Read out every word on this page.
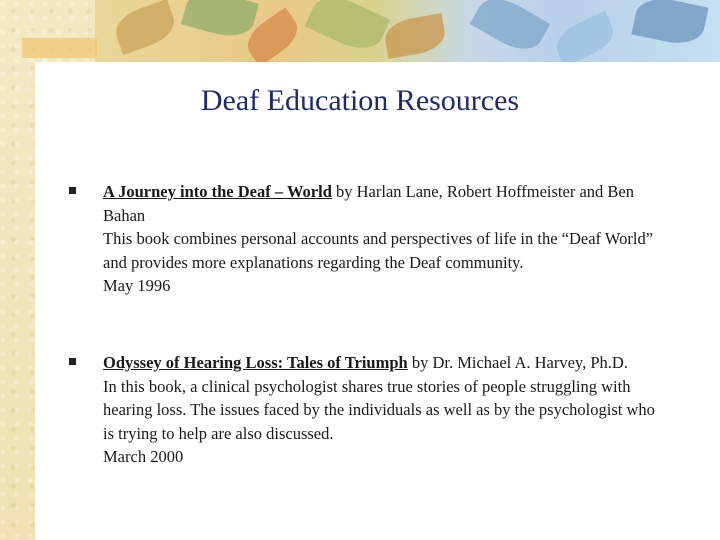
Deaf Education Resources
A Journey into the Deaf – World by Harlan Lane, Robert Hoffmeister and Ben Bahan
This book combines personal accounts and perspectives of life in the “Deaf World” and provides more explanations regarding the Deaf community.
May 1996
Odyssey of Hearing Loss: Tales of Triumph by Dr. Michael A. Harvey, Ph.D.
In this book, a clinical psychologist shares true stories of people struggling with hearing loss. The issues faced by the individuals as well as by the psychologist who is trying to help are also discussed.
March 2000
